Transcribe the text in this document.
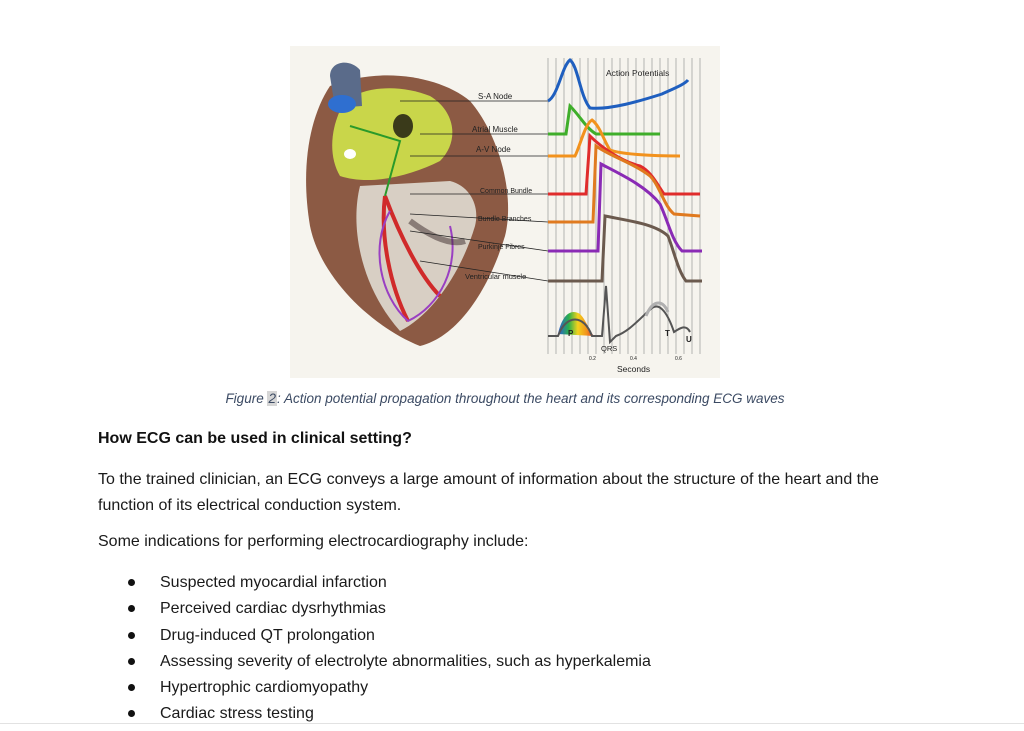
S-A Node
Atrial Muscle
A-V Node
Common Bundle
Bundle Branches
Purkinje Fibres
Ventricular muscle
Action Potentials
P
QRS
T
U
0.2	0.4	0.6
Seconds
Figure 2: Action potential propagation throughout the heart and its corresponding ECG waves
How ECG can be used in clinical setting?
To the trained clinician, an ECG conveys a large amount of information about the structure of the heart and the function of its electrical conduction system.
Some indications for performing electrocardiography include:
Suspected myocardial infarction
Perceived cardiac dysrhythmias
Drug-induced QT prolongation
Assessing severity of electrolyte abnormalities, such as hyperkalemia
Hypertrophic cardiomyopathy
Cardiac stress testing
